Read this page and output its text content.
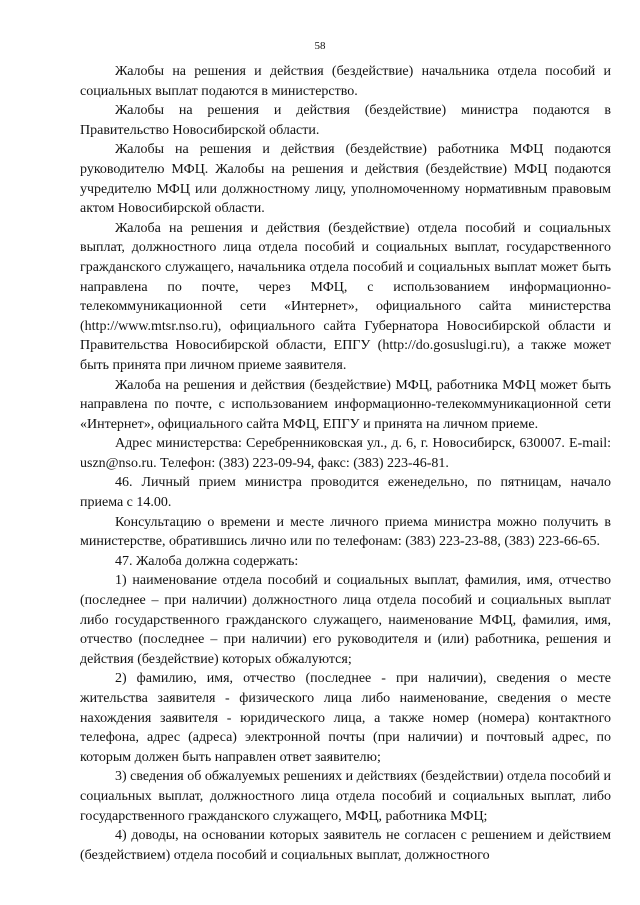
58

Жалобы на решения и действия (бездействие) начальника отдела пособий и социальных выплат подаются в министерство.

Жалобы на решения и действия (бездействие) министра подаются в Правительство Новосибирской области.

Жалобы на решения и действия (бездействие) работника МФЦ подаются руководителю МФЦ. Жалобы на решения и действия (бездействие) МФЦ подаются учредителю МФЦ или должностному лицу, уполномоченному нормативным правовым актом Новосибирской области.

Жалоба на решения и действия (бездействие) отдела пособий и социальных выплат, должностного лица отдела пособий и социальных выплат, государственного гражданского служащего, начальника отдела пособий и социальных выплат может быть направлена по почте, через МФЦ, с использованием информационно-телекоммуникационной сети «Интернет», официального сайта министерства (http://www.mtsr.nso.ru), официального сайта Губернатора Новосибирской области и Правительства Новосибирской области, ЕПГУ (http://do.gosuslugi.ru), а также может быть принята при личном приеме заявителя.

Жалоба на решения и действия (бездействие) МФЦ, работника МФЦ может быть направлена по почте, с использованием информационно-телекоммуникационной сети «Интернет», официального сайта МФЦ, ЕПГУ и принята на личном приеме.

Адрес министерства: Серебренниковская ул., д. 6, г. Новосибирск, 630007. E-mail: uszn@nso.ru. Телефон: (383) 223-09-94, факс: (383) 223-46-81.

46. Личный прием министра проводится еженедельно, по пятницам, начало приема с 14.00.

Консультацию о времени и месте личного приема министра можно получить в министерстве, обратившись лично или по телефонам: (383) 223-23-88, (383) 223-66-65.

47. Жалоба должна содержать:

1) наименование отдела пособий и социальных выплат, фамилия, имя, отчество (последнее – при наличии) должностного лица отдела пособий и социальных выплат либо государственного гражданского служащего, наименование МФЦ, фамилия, имя, отчество (последнее – при наличии) его руководителя и (или) работника, решения и действия (бездействие) которых обжалуются;

2) фамилию, имя, отчество (последнее - при наличии), сведения о месте жительства заявителя - физического лица либо наименование, сведения о месте нахождения заявителя - юридического лица, а также номер (номера) контактного телефона, адрес (адреса) электронной почты (при наличии) и почтовый адрес, по которым должен быть направлен ответ заявителю;

3) сведения об обжалуемых решениях и действиях (бездействии) отдела пособий и социальных выплат, должностного лица отдела пособий и социальных выплат, либо государственного гражданского служащего, МФЦ, работника МФЦ;

4) доводы, на основании которых заявитель не согласен с решением и действием (бездействием) отдела пособий и социальных выплат, должностного
